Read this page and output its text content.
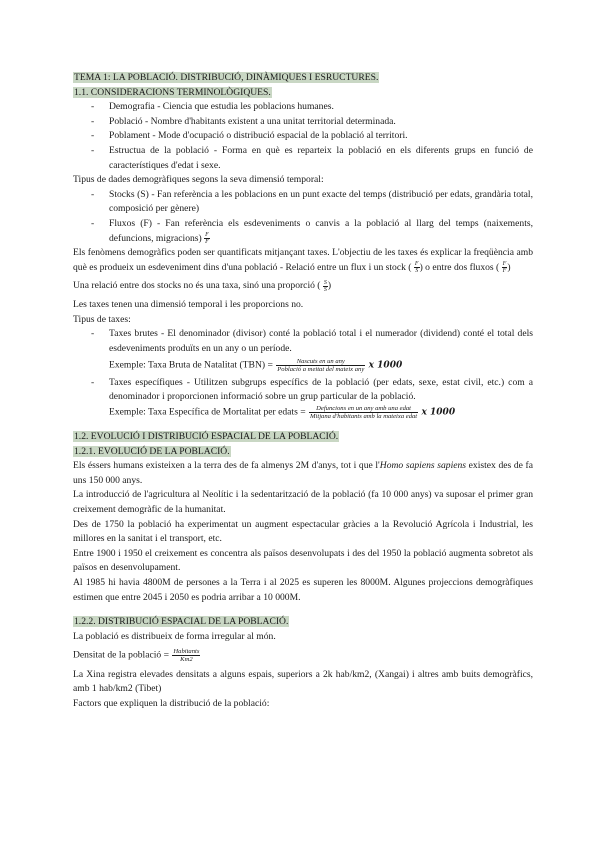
TEMA 1: LA POBLACIÓ. DISTRIBUCIÓ, DINÀMIQUES I ESRUCTURES.
1.1. CONSIDERACIONS TERMINOLÒGIQUES.
- Demografia - Ciencia que estudia les poblacions humanes.
- Població - Nombre d'habitants existent a una unitat territorial determinada.
- Poblament - Mode d'ocupació o distribució espacial de la població al territori.
- Estructua de la població - Forma en què es reparteix la població en els diferents grups en funció de característiques d'edat i sexe.

Tipus de dades demogràfiques segons la seva dimensió temporal:

- Stocks (S) - Fan referència a les poblacions en un punt exacte del temps (distribució per edats, grandària total, composició per gènere)
- Fluxos (F) - Fan referència els esdeveniments o canvis a la població al llarg del temps (naixements, defuncions, migracions) $\frac{F}{F}$

Els fenòmens demogràfics poden ser quantificats mitjançant taxes. L'objectiu de les taxes és explicar la freqüència amb què es produeix un esdeveniment dins d'una població - Relació entre un flux i un stock ( $\frac{F}{S}$ ) o entre dos fluxos ( $\frac{F}{F}$ )

Una relació entre dos stocks no és una taxa, sinó una proporció ( $\frac{S}{S}$ )

Les taxes tenen una dimensió temporal i les proporcions no.

Tipus de taxes:

- Taxes brutes - El denominador (divisor) conté la població total i el numerador (dividend) conté el total dels esdeveniments produïts en un any o un període.
Exemple: Taxa Bruta de Natalitat $(TBN) = \frac{\text{Nascuts en un any}}{\text{Població a meitat del mateix any}}$ x 1000
- Taxes específiques - Utilitzen subgrups específics de la població (per edats, sexe, estat civil, etc.) com a denominador i proporcionen informació sobre un grup particular de la població.
Exemple: Taxa Específica de Mortalitat per edats = $\frac{\text{Defuncions en un any amb una edat}}{\text{Mitjana d'habitants amb la mateixa edat}}$ x 1000
1.2. EVOLUCIÓ I DISTRIBUCIÓ ESPACIAL DE LA POBLACIÓ.
1.2.1. EVOLUCIÓ DE LA POBLACIÓ.

Els éssers humans existeixen a la terra des de fa almenys 2M d'anys, tot i que l'Homo sapiens sapiens existex des de fa uns 150 000 anys.

La introducció de l'agricultura al Neolític i la sedentarització de la població (fa 10 000 anys) va suposar el primer gran creixement demogràfic de la humanitat.

Des de 1750 la població ha experimentat un augment espectacular gràcies a la Revolució Agrícola i Industrial, les millores en la sanitat i el transport, etc.

Entre 1900 i 1950 el creixement es concentra als països desenvolupats i des del 1950 la població augmenta sobretot als països en desenvolupament.

Al 1985 hi havia 4800M de persones a la Terra i al 2025 es superen les 8000M. Algunes projeccions demogràfiques estimen que entre 2045 i 2050 es podria arribar a 10 000M.

1.2.2. DISTRIBUCIÓ ESPACIAL DE LA POBLACIÓ.

La població es distribueix de forma irregular al món.

Densitat de la població = $\frac{\text{Habitants}}{Km2}$

La Xina registra elevades densitats a alguns espais, superiors a 2k hab/km2, (Xangai) i altres amb buits demogràfics, amb 1 hab/km2 (Tibet)

Factors que expliquen la distribució de la població:
